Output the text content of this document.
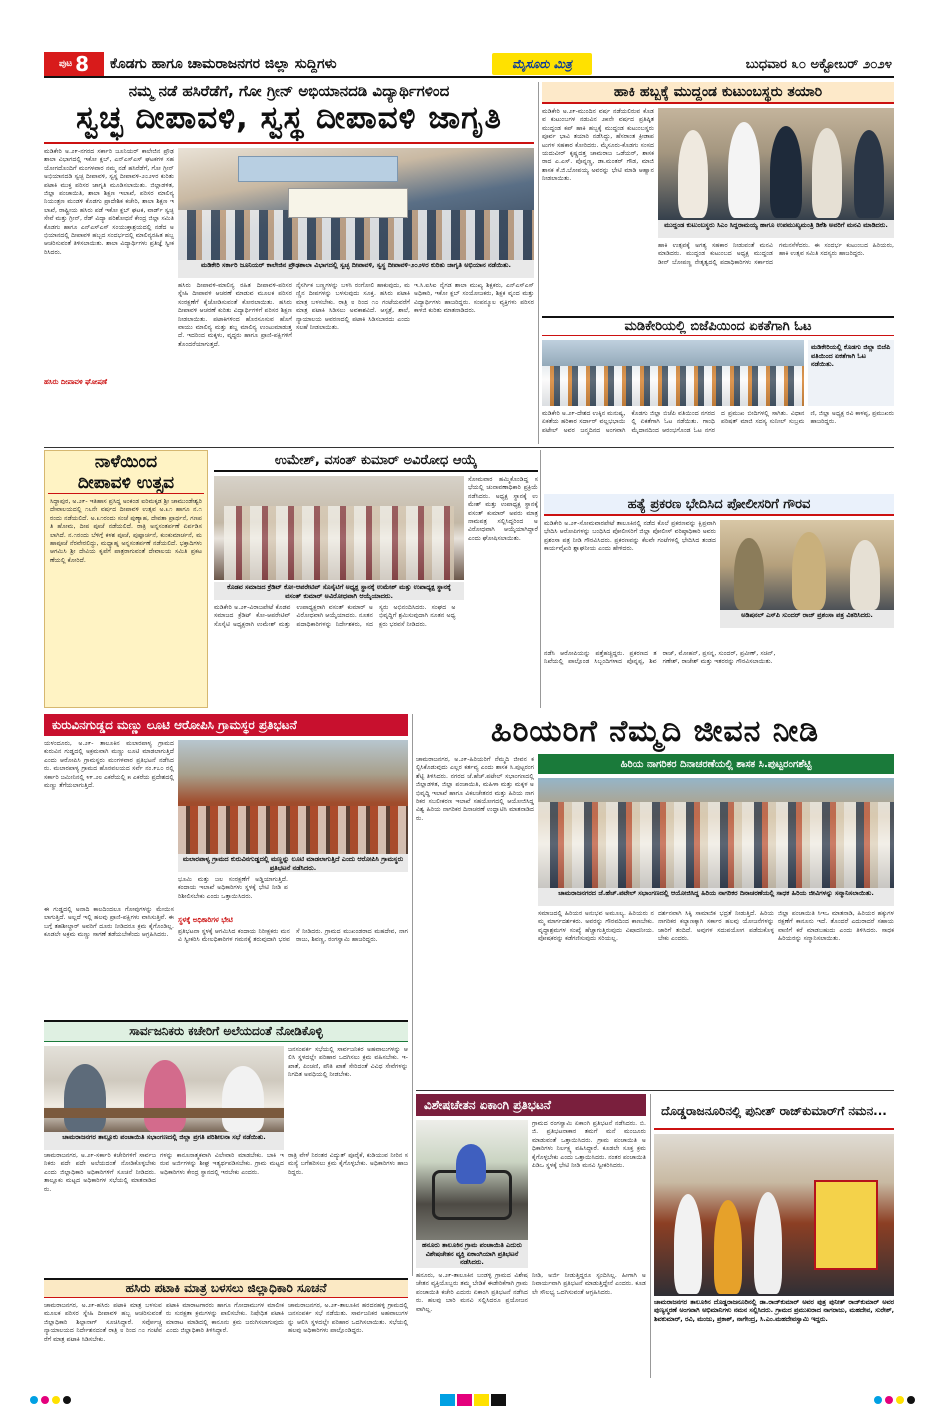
ಪುಟ 8 ಕೊಡಗು ಹಾಗೂ ಚಾಮರಾಜನಗರ ಜಿಲ್ಲಾ ಸುದ್ದಿಗಳು	ಮೈಸೂರು ಮಿತ್ರ	ಬುಧವಾರ ೩೦ ಅಕ್ಟೋಬರ್ ೨೦೨೪
ನಮ್ಮ ನಡೆ ಹಸಿರೆಡೆಗೆ, ಗೋ ಗ್ರೀನ್ ಅಭಿಯಾನದಡಿ ವಿದ್ಯಾರ್ಥಿಗಳಿಂದ
ಸ್ವಚ್ಛ ದೀಪಾವಳಿ, ಸ್ವಸ್ಥ ದೀಪಾವಳಿ ಜಾಗೃತಿ
ಮಡಿಕೇರಿ ಅ.೨೯-ನಗರದ ಸರ್ಕಾರಿ ಜೂನಿಯರ್ ಕಾಲೇಜಿನ ಪ್ರೌಢಶಾಲಾ ವಿಭಾಗದಲ್ಲಿ ಇಕೋ ಕ್ಲಬ್, ಎನ್‌ಎಸ್‌ಎಸ್ ಘಟಕಗಳ ಸಹಯೋಗದೊಂದಿಗೆ ಮಂಗಳವಾರ ನಮ್ಮ ನಡೆ ಹಸಿರೆಡೆಗೆ, ಗೋ ಗ್ರೀನ್ ಅಭಿಯಾನದಡಿ ಸ್ವಚ್ಛ ದೀಪಾವಳಿ, ಸ್ವಸ್ಥ ದೀಪಾವಳಿ-೨೦೨೪ರ ಕುರಿತು ಪಟಾಕಿ ಮುಕ್ತ ಪರಿಸರ ಜಾಗೃತಿ ಮೂಡಿಸಲಾಯಿತು. ಜಿಲ್ಲಾಡಳಿತ, ಜಿಲ್ಲಾ ಪಂಚಾಯಿತಿ, ಶಾಲಾ ಶಿಕ್ಷಣ ಇಲಾಖೆ, ಪರಿಸರ ಮಾಲಿನ್ಯ ನಿಯಂತ್ರಣ ಮಂಡಳಿ ಕೊಡಗು ಪ್ರಾದೇಶಿಕ ಕಚೇರಿ, ಶಾಲಾ ಶಿಕ್ಷಣ ಇಲಾಖೆ, ರಾಷ್ಟ್ರೀಯ ಹಸಿರು ಪಡೆ ಇಕೋ ಕ್ಲಬ್ ಘಟಕ, ವಾರ್ಡ್ ಸ್ವಚ್ಛ ಸೇವೆ ಮತ್ತು ಗ್ರೀನ್, ರೆಡ್ ವಿದ್ಯಾ ಪರಿಶೋಧನೆ ಕೇಂದ್ರ ಜಿಲ್ಲಾ ಸಮಿತಿ ಕೊಡಗು ಹಾಗೂ ಎನ್‌ಎಸ್‌ಎಸ್ ಸಂಯುಕ್ತಾಶ್ರಯದಲ್ಲಿ ನಡೆದ ಅಭಿಯಾನದಲ್ಲಿ ದೀಪಾವಳಿ ಹಬ್ಬದ ಸಂದರ್ಭದಲ್ಲಿ ಮಾಲಿನ್ಯರಹಿತ ಹಬ್ಬ ಆಚರಿಸುವಂತೆ ತಿಳಿಸಲಾಯಿತು. ಶಾಲಾ ವಿದ್ಯಾರ್ಥಿಗಳು ಪ್ರತಿಜ್ಞೆ ಸ್ವೀಕರಿಸಿದರು.
ಹಸಿರು ದೀಪಾವಳಿ ಘೋಷಣೆ
ಮಡಿಕೇರಿ ಸರ್ಕಾರಿ ಜೂನಿಯರ್ ಕಾಲೇಜಿನ ಪ್ರೌಢಶಾಲಾ ವಿಭಾಗದಲ್ಲಿ ಸ್ವಚ್ಛ ದೀಪಾವಳಿ, ಸ್ವಸ್ಥ ದೀಪಾವಳಿ-೨೦೨೪ರ ಕುರಿತು ಜಾಗೃತಿ ಅಭಿಯಾನ ನಡೆಯಿತು.
ಹಸಿರು ದೀಪಾವಳಿ-ಮಾಲಿನ್ಯ ರಹಿತ ದೀಪಾವಳಿ-ಪರಿಸರ ಸ್ನೇಹಿ ದೀಪಾವಳಿ ಆಚರಣೆ ಮಾಡುವ ಮೂಲಕ ಪರಿಸರ ಸಂರಕ್ಷಣೆಗೆ ಕೈಜೋಡಿಸುವಂತೆ ಕೋರಲಾಯಿತು. ಹಸಿರು ದೀಪಾವಳಿ ಆಚರಣೆ ಕುರಿತು ವಿದ್ಯಾರ್ಥಿಗಳಿಗೆ ಪರಿಸರ ಶಿಕ್ಷಣ ನೀಡಲಾಯಿತು. ಪಟಾಕಿಗಳಿಂದ ಹೊರಸೂಸುವ ಹೊಗೆ ವಾಯು ಮಾಲಿನ್ಯ ಮತ್ತು ಶಬ್ದ ಮಾಲಿನ್ಯ ಉಂಟುಮಾಡುತ್ತದೆ. ಇದರಿಂದ ಮಕ್ಕಳು, ವೃದ್ಧರು ಹಾಗೂ ಪ್ರಾಣಿ-ಪಕ್ಷಿಗಳಿಗೆ ತೊಂದರೆಯಾಗುತ್ತದೆ.
ನೈಸರ್ಗಿಕ ಬಣ್ಣಗಳನ್ನು ಬಳಸಿ ರಂಗೋಲಿ ಹಾಕುವುದು, ಮಣ್ಣಿನ ದೀಪಗಳನ್ನು ಬಳಸುವುದು ಸೂಕ್ತ. ಹಸಿರು ಪಟಾಕಿ ಮಾತ್ರ ಬಳಸಬೇಕು. ರಾತ್ರಿ ೮ ರಿಂದ ೧೦ ಗಂಟೆಯವರೆಗೆ ಮಾತ್ರ ಪಟಾಕಿ ಸಿಡಿಸಲು ಅವಕಾಶವಿದೆ. ಆಸ್ಪತ್ರೆ, ಶಾಲೆ, ನ್ಯಾಯಾಲಯ ಆವರಣದಲ್ಲಿ ಪಟಾಕಿ ಸಿಡಿಸಬಾರದು ಎಂದು ಸಲಹೆ ನೀಡಲಾಯಿತು.
ಇ.ಸಿ.ಐಸಿಐ ನೈಗಡ ಶಾಲಾ ಮುಖ್ಯ ಶಿಕ್ಷಕರು, ಎನ್‌ಎಸ್‌ಎಸ್ ಅಧಿಕಾರಿ, ಇಕೋ ಕ್ಲಬ್ ಸಂಯೋಜಕರು, ಶಿಕ್ಷಕ ವೃಂದ ಮತ್ತು ವಿದ್ಯಾರ್ಥಿಗಳು ಹಾಜರಿದ್ದರು. ಸಂಪನ್ಮೂಲ ವ್ಯಕ್ತಿಗಳು ಪರಿಸರ ಕಾಳಜಿ ಕುರಿತು ಮಾತನಾಡಿದರು.
ಹಾಕಿ ಹಬ್ಬಕ್ಕೆ ಮುದ್ದಂಡ ಕುಟುಂಬಸ್ಥರು ತಯಾರಿ
ಮಡಿಕೇರಿ ಅ.೨೯-ಮುಂದಿನ ವರ್ಷ ನಡೆಯಲಿರುವ ಕೊಡವ ಕುಟುಂಬಗಳ ನಡುವಿನ ೨೫ನೇ ವರ್ಷದ ಪ್ರತಿಷ್ಠಿತ ಮುದ್ದಂಡ ಕಪ್ ಹಾಕಿ ಹಬ್ಬಕ್ಕೆ ಮುದ್ದಂಡ ಕುಟುಂಬಸ್ಥರು ಪೂರ್ವ ಭಾವಿ ತಯಾರಿ ನಡೆಸಿದ್ದು, ಹೆಸರಾಂತ ಕ್ರೀಡಾಪಟುಗಳ ಸಹಕಾರ ಕೋರಿದರು. ಮೈಸೂರು-ಕೊಡಗು ಸಂಸದ ಯದುವೀರ್ ಕೃಷ್ಣದತ್ತ ಚಾಮರಾಜ ಒಡೆಯರ್, ಶಾಸಕರಾದ ಎ.ಎಸ್. ಪೊನ್ನಣ್ಣ, ಡಾ.ಮಂತರ್ ಗೌಡ, ಮಾಜಿ ಶಾಸಕ ಕೆ.ಜಿ.ಬೋಪಯ್ಯ ಅವರನ್ನು ಭೇಟಿ ಮಾಡಿ ಆಹ್ವಾನ ನೀಡಲಾಯಿತು.
ಮುದ್ದಂಡ ಕುಟುಂಬಸ್ಥರು ಸಿಎಂ ಸಿದ್ದರಾಮಯ್ಯ ಹಾಗೂ ಉಪಮುಖ್ಯಮಂತ್ರಿ ಡಿಕೆಶಿ ಅವರಿಗೆ ಮನವಿ ಮಾಡಿದರು.
ಹಾಕಿ ಉತ್ಸವಕ್ಕೆ ಅಗತ್ಯ ಸಹಕಾರ ನೀಡುವಂತೆ ಮನವಿ ಮಾಡಿದರು. ಮುದ್ದಂಡ ಕುಟುಂಬದ ಅಧ್ಯಕ್ಷ ಮುದ್ದಂಡ ಡೀನ್ ಬೋಪಣ್ಣ ನೇತೃತ್ವದಲ್ಲಿ ಪದಾಧಿಕಾರಿಗಳು ಸರ್ಕಾರದ ಗಮನಸೆಳೆದರು. ಈ ಸಂದರ್ಭ ಕುಟುಂಬದ ಹಿರಿಯರು, ಹಾಕಿ ಉತ್ಸವ ಸಮಿತಿ ಸದಸ್ಯರು ಹಾಜರಿದ್ದರು.
ಮಡಿಕೇರಿಯಲ್ಲಿ ಬಿಜೆಪಿಯಿಂದ ಏಕತೆಗಾಗಿ ಓಟ
ಮಡಿಕೇರಿಯಲ್ಲಿ ಕೊಡಗು ಜಿಲ್ಲಾ ಬಿಜೆಪಿ ವತಿಯಿಂದ ಏಕತೆಗಾಗಿ ಓಟ ನಡೆಯಿತು.
ಮಡಿಕೇರಿ ಅ.೨೯-ದೇಶದ ಉಕ್ಕಿನ ಮನುಷ್ಯ, ಏಕತೆಯ ಹರಿಕಾರ ಸರ್ದಾರ್ ವಲ್ಲಭಭಾಯಿ ಪಟೇಲ್ ಅವರ ಜನ್ಮದಿನದ ಅಂಗವಾಗಿ ಕೊಡಗು ಜಿಲ್ಲಾ ಬಿಜೆಪಿ ವತಿಯಿಂದ ನಗರದಲ್ಲಿ ಏಕತೆಗಾಗಿ ಓಟ ನಡೆಯಿತು. ಗಾಂಧಿ ಮೈದಾನದಿಂದ ಆರಂಭಗೊಂಡ ಓಟ ನಗರದ ಪ್ರಮುಖ ಬೀದಿಗಳಲ್ಲಿ ಸಾಗಿತು. ವಿಧಾನ ಪರಿಷತ್ ಮಾಜಿ ಸದಸ್ಯ ಸುನೀಲ್ ಸುಬ್ರಮಣಿ, ಜಿಲ್ಲಾ ಅಧ್ಯಕ್ಷ ರವಿ ಕಾಳಪ್ಪ, ಪ್ರಮುಖರು ಹಾಜರಿದ್ದರು.
ನಾಳೆಯಿಂದ
ದೀಪಾವಳಿ ಉತ್ಸವ
ಸಿದ್ದಾಪುರ, ಅ.೨೯- ಇತಿಹಾಸ ಪ್ರಸಿದ್ಧ ಅಂಕಂಡ ಐರಿಮಕ್ಕಡ ಶ್ರೀ ಚಾಮುಂಡೇಶ್ವರಿ ದೇವಾಲಯದಲ್ಲಿ ೧೬ನೇ ವರ್ಷದ ದೀಪಾವಳಿ ಉತ್ಸವ ಅ.೩೧ ಹಾಗೂ ನ.೧ರಂದು ನಡೆಯಲಿದೆ. ಅ.೩೧ರಂದು ಸಂಜೆ ಪುಣ್ಯಾಹ, ದೇವತಾ ಪ್ರಾರ್ಥನೆ, ಗಣಪತಿ ಹೋಮ, ದೀಪ ಪೂಜೆ ನಡೆಯಲಿದೆ. ರಾತ್ರಿ ಅನ್ನಸಂತರ್ಪಣೆ ಏರ್ಪಡಿಸಲಾಗಿದೆ. ನ.೧ರಂದು ಬೆಳಿಗ್ಗೆ ಕಳಶ ಪೂಜೆ, ಪುಷ್ಪಾರ್ಚನೆ, ಕುಂಕುಮಾರ್ಚನೆ, ಮಹಾಪೂಜೆ ನೆರವೇರಲಿದ್ದು, ಮಧ್ಯಾಹ್ನ ಅನ್ನಸಂತರ್ಪಣೆ ನಡೆಯಲಿದೆ. ಭಕ್ತಾದಿಗಳು ಆಗಮಿಸಿ ಶ್ರೀ ದೇವಿಯ ಕೃಪೆಗೆ ಪಾತ್ರರಾಗುವಂತೆ ದೇವಾಲಯ ಸಮಿತಿ ಪ್ರಕಟಣೆಯಲ್ಲಿ ಕೋರಿದೆ.
ಉಮೇಶ್, ವಸಂತ್ ಕುಮಾರ್ ಅವಿರೋಧ ಆಯ್ಕೆ
ಸೋಮವಾರ ಹಮ್ಮಿಕೊಂಡಿದ್ದ ಸಭೆಯಲ್ಲಿ ಚುನಾವಣಾಧಿಕಾರಿ ಪ್ರಕ್ರಿಯೆ ನಡೆಸಿದರು. ಅಧ್ಯಕ್ಷ ಸ್ಥಾನಕ್ಕೆ ಉಮೇಶ್ ಮತ್ತು ಉಪಾಧ್ಯಕ್ಷ ಸ್ಥಾನಕ್ಕೆ ವಸಂತ್ ಕುಮಾರ್ ಅವರು ಮಾತ್ರ ನಾಮಪತ್ರ ಸಲ್ಲಿಸಿದ್ದರಿಂದ ಅವಿರೋಧವಾಗಿ ಆಯ್ಕೆಯಾಗಿದ್ದಾರೆ ಎಂದು ಘೋಷಿಸಲಾಯಿತು.
ಕೊಡವ ಸಮಾಜದ ಕ್ರೆಡಿಟ್ ಕೋ-ಆಪರೇಟಿವ್ ಸೊಸೈಟಿಗೆ ಅಧ್ಯಕ್ಷ ಸ್ಥಾನಕ್ಕೆ ಉಮೇಶ್ ಮತ್ತು ಉಪಾಧ್ಯಕ್ಷ ಸ್ಥಾನಕ್ಕೆ ವಸಂತ್ ಕುಮಾರ್ ಅವಿರೋಧವಾಗಿ ಆಯ್ಕೆಯಾದರು.
ಮಡಿಕೇರಿ ಅ.೨೯-ವಿರಾಜಪೇಟೆ ಕೊಡವ ಸಮಾಜದ ಕ್ರೆಡಿಟ್ ಕೋ-ಆಪರೇಟಿವ್ ಸೊಸೈಟಿ ಅಧ್ಯಕ್ಷರಾಗಿ ಉಮೇಶ್ ಮತ್ತು ಉಪಾಧ್ಯಕ್ಷರಾಗಿ ವಸಂತ್ ಕುಮಾರ್ ಅವಿರೋಧವಾಗಿ ಆಯ್ಕೆಯಾದರು. ನೂತನ ಪದಾಧಿಕಾರಿಗಳನ್ನು ನಿರ್ದೇಶಕರು, ಸದಸ್ಯರು ಅಭಿನಂದಿಸಿದರು. ಸಂಘದ ಅಭಿವೃದ್ಧಿಗೆ ಶ್ರಮಿಸುವುದಾಗಿ ನೂತನ ಅಧ್ಯಕ್ಷರು ಭರವಸೆ ನೀಡಿದರು.
ಹತ್ಯೆ ಪ್ರಕರಣ ಭೇದಿಸಿದ ಪೋಲೀಸರಿಗೆ ಗೌರವ
ಮಡಿಕೇರಿ ಅ.೨೯-ಸೋಮವಾರಪೇಟೆ ತಾಲೂಕಿನಲ್ಲಿ ನಡೆದ ಕೊಲೆ ಪ್ರಕರಣವನ್ನು ಕ್ಷಿಪ್ರವಾಗಿ ಭೇದಿಸಿ ಆರೋಪಿಗಳನ್ನು ಬಂಧಿಸಿದ ಪೋಲೀಸರಿಗೆ ಜಿಲ್ಲಾ ಪೋಲೀಸ್ ವರಿಷ್ಠಾಧಿಕಾರಿ ಅವರು ಪ್ರಶಂಸಾ ಪತ್ರ ನೀಡಿ ಗೌರವಿಸಿದರು. ಪ್ರಕರಣವನ್ನು ಕೆಲವೇ ಗಂಟೆಗಳಲ್ಲಿ ಭೇದಿಸಿದ ತಂಡದ ಕಾರ್ಯವೈಖರಿ ಶ್ಲಾಘನೀಯ ಎಂದು ಹೇಳಿದರು.
ಅಡಿಷನಲ್ ಎಸ್‌ಪಿ ಸುಂದರ್ ರಾಜ್ ಪ್ರಶಂಸಾ ಪತ್ರ ವಿತರಿಸಿದರು.
ನಡೆಸಿ ಆರೋಪಿಯನ್ನು ಪತ್ತೆಹಚ್ಚಿದ್ದರು. ಪ್ರಕರಣದ ತನಿಖೆಯಲ್ಲಿ ಪಾಲ್ಗೊಂಡ ಸಿಬ್ಬಂದಿಗಳಾದ ಪೊನ್ನಪ್ಪ, ಶಿವರಾಜ್, ಮೋಹನ್, ಪ್ರಸನ್ನ, ಸುಂದರ್, ಪ್ರವೀಣ್, ಸಚಿನ್, ಗಣೇಶ್, ರಾಜೇಶ್ ಮತ್ತು ಇತರರನ್ನು ಗೌರವಿಸಲಾಯಿತು.
ಕುರುವಿನಗುಡ್ಡದ ಮಣ್ಣು ಲೂಟಿ ಆರೋಪಿಸಿ ಗ್ರಾಮಸ್ಥರ ಪ್ರತಿಭಟನೆ
ಯಳಂದೂರು, ಅ.೨೯- ತಾಲೂಕಿನ ಮಲಾರಪಾಳ್ಯ ಗ್ರಾಮದ ಕುರುವಿನ ಗುಡ್ಡದಲ್ಲಿ ಅಕ್ರಮವಾಗಿ ಮಣ್ಣು ಲೂಟಿ ಮಾಡಲಾಗುತ್ತಿದೆ ಎಂದು ಆರೋಪಿಸಿ ಗ್ರಾಮಸ್ಥರು ಮಂಗಳವಾರ ಪ್ರತಿಭಟನೆ ನಡೆಸಿದರು. ಮಲಾರಪಾಳ್ಯ ಗ್ರಾಮದ ಹೊರವಲಯದ ಸರ್ವೆ ನಂ.೯೭೦ ರಲ್ಲಿ ಸರ್ಕಾರಿ ಜಮೀನಿನಲ್ಲಿ ೪೯.೨೮ ಎಕರೆಯಲ್ಲಿ ೫ ಎಕರೆಯ ಪ್ರದೇಶದಲ್ಲಿ ಮಣ್ಣು ತೆಗೆಯಲಾಗುತ್ತಿದೆ.
ಮಲಾರಪಾಳ್ಯ ಗ್ರಾಮದ ಕುರುವಿನಗುಡ್ಡದಲ್ಲಿ ಮಣ್ಣನ್ನು ಲೂಟಿ ಮಾಡಲಾಗುತ್ತಿದೆ ಎಂದು ಆರೋಪಿಸಿ ಗ್ರಾಮಸ್ಥರು ಪ್ರತಿಭಟನೆ ನಡೆಸಿದರು.
ಈ ಗುಡ್ಡದಲ್ಲಿ ಅನಾದಿ ಕಾಲದಿಂದಲೂ ಗೋವುಗಳನ್ನು ಮೇಯಿಸಲಾಗುತ್ತಿದೆ. ಅಲ್ಲದೆ ಇಲ್ಲಿ ಹಲವು ಪ್ರಾಣಿ-ಪಕ್ಷಿಗಳು ವಾಸಿಸುತ್ತಿವೆ. ಈ ಬಗ್ಗೆ ತಹಶೀಲ್ದಾರ್ ಅವರಿಗೆ ದೂರು ನೀಡಿದರೂ ಕ್ರಮ ಕೈಗೊಂಡಿಲ್ಲ. ಕೂಡಲೇ ಅಕ್ರಮ ಮಣ್ಣು ಸಾಗಣೆ ತಡೆಯಬೇಕೆಂದು ಆಗ್ರಹಿಸಿದರು.
ಭೂಮಿ ಮತ್ತು ಜಲ ಸಂರಕ್ಷಣೆಗೆ ಅಡ್ಡಿಯಾಗುತ್ತಿದೆ. ಕಂದಾಯ ಇಲಾಖೆ ಅಧಿಕಾರಿಗಳು ಸ್ಥಳಕ್ಕೆ ಭೇಟಿ ನೀಡಿ ಪರಿಶೀಲಿಸಬೇಕು ಎಂದು ಒತ್ತಾಯಿಸಿದರು.
ಸ್ಥಳಕ್ಕೆ ಅಧಿಕಾರಿಗಳ ಭೇಟಿ
ಪ್ರತಿಭಟನಾ ಸ್ಥಳಕ್ಕೆ ಆಗಮಿಸಿದ ಕಂದಾಯ ನಿರೀಕ್ಷಕರು ಮನವಿ ಸ್ವೀಕರಿಸಿ ಮೇಲಧಿಕಾರಿಗಳ ಗಮನಕ್ಕೆ ತರುವುದಾಗಿ ಭರವಸೆ ನೀಡಿದರು. ಗ್ರಾಮದ ಮುಖಂಡರಾದ ಮಹದೇವ, ನಾಗರಾಜು, ಶಿವಣ್ಣ, ರಂಗಸ್ವಾಮಿ ಹಾಜರಿದ್ದರು.
ಸಾರ್ವಜನಿಕರು ಕಚೇರಿಗೆ ಅಲೆಯದಂತೆ ನೋಡಿಕೊಳ್ಳಿ
ಚಾಮರಾಜನಗರ ತಾಲ್ಲೂಕು ಪಂಚಾಯಿತಿ ಸಭಾಂಗಣದಲ್ಲಿ ಜಿಲ್ಲಾ ಪ್ರಗತಿ ಪರಿಶೀಲನಾ ಸಭೆ ನಡೆಯಿತು.
ಜನಸಂಪರ್ಕ ಸಭೆಯಲ್ಲಿ ಸಾರ್ವಜನಿಕರ ಅಹವಾಲುಗಳನ್ನು ಆಲಿಸಿ ಸ್ಥಳದಲ್ಲೇ ಪರಿಹಾರ ಒದಗಿಸಲು ಕ್ರಮ ವಹಿಸಬೇಕು. ಇ-ಖಾತೆ, ಪಿಂಚಣಿ, ಪೌತಿ ಖಾತೆ ಸೇರಿದಂತೆ ವಿವಿಧ ಸೇವೆಗಳನ್ನು ನಿಗದಿತ ಅವಧಿಯಲ್ಲಿ ನೀಡಬೇಕು.
ಚಾಮರಾಜನಗರ, ಅ.೨೯-ಸರ್ಕಾರಿ ಕಚೇರಿಗಳಿಗೆ ಸಾರ್ವಜನಿಕರು ಪದೇ ಪದೇ ಅಲೆಯದಂತೆ ನೋಡಿಕೊಳ್ಳಬೇಕು ಎಂದು ಜಿಲ್ಲಾಧಿಕಾರಿ ಅಧಿಕಾರಿಗಳಿಗೆ ಸೂಚನೆ ನೀಡಿದರು. ತಾಲ್ಲೂಕು ಮಟ್ಟದ ಅಧಿಕಾರಿಗಳ ಸಭೆಯಲ್ಲಿ ಮಾತನಾಡಿದರು.
ಗಳನ್ನು ಕಾನೂನಾತ್ಮಕವಾಗಿ ವಿಲೇವಾರಿ ಮಾಡಬೇಕು. ಬಾಕಿ ಇರುವ ಅರ್ಜಿಗಳನ್ನು ಶೀಘ್ರ ಇತ್ಯರ್ಥಪಡಿಸಬೇಕು. ಗ್ರಾಮ ಮಟ್ಟದ ಅಧಿಕಾರಿಗಳು ಕೇಂದ್ರ ಸ್ಥಾನದಲ್ಲಿ ಇರಬೇಕು ಎಂದರು.
ರಾತ್ರಿ ವೇಳೆ ನಿರಂತರ ವಿದ್ಯುತ್ ಪೂರೈಕೆ, ಕುಡಿಯುವ ನೀರಿನ ಸಮಸ್ಯೆ ಬಗೆಹರಿಸಲು ಕ್ರಮ ಕೈಗೊಳ್ಳಬೇಕು. ಅಧಿಕಾರಿಗಳು ಹಾಜರಿದ್ದರು.
ಹಿರಿಯರಿಗೆ ನೆಮ್ಮದಿ ಜೀವನ ನೀಡಿ
ಹಿರಿಯ ನಾಗರಿಕರ ದಿನಾಚರಣೆಯಲ್ಲಿ ಶಾಸಕ ಸಿ.ಪುಟ್ಟರಂಗಶೆಟ್ಟಿ
ಚಾಮರಾಜನಗರ, ಅ.೨೯-ಹಿರಿಯರಿಗೆ ನೆಮ್ಮದಿ ಜೀವನ ಕಲ್ಪಿಸಿಕೊಡುವುದು ಎಲ್ಲರ ಕರ್ತವ್ಯ ಎಂದು ಶಾಸಕ ಸಿ.ಪುಟ್ಟರಂಗಶೆಟ್ಟಿ ತಿಳಿಸಿದರು. ನಗರದ ಜೆ.ಹೆಚ್.ಪಟೇಲ್ ಸಭಾಂಗಣದಲ್ಲಿ ಜಿಲ್ಲಾಡಳಿತ, ಜಿಲ್ಲಾ ಪಂಚಾಯಿತಿ, ಮಹಿಳಾ ಮತ್ತು ಮಕ್ಕಳ ಅಭಿವೃದ್ಧಿ ಇಲಾಖೆ ಹಾಗೂ ವಿಕಲಚೇತನರ ಮತ್ತು ಹಿರಿಯ ನಾಗರಿಕರ ಸಬಲೀಕರಣ ಇಲಾಖೆ ಸಹಯೋಗದಲ್ಲಿ ಆಯೋಜಿಸಿದ್ದ ವಿಶ್ವ ಹಿರಿಯ ನಾಗರಿಕರ ದಿನಾಚರಣೆ ಉದ್ಘಾಟಿಸಿ ಮಾತನಾಡಿದರು.
ಚಾಮರಾಜನಗರದ ಜೆ.ಹೆಚ್.ಪಟೇಲ್ ಸಭಾಂಗಣದಲ್ಲಿ ಆಯೋಜಿಸಿದ್ದ ಹಿರಿಯ ನಾಗರಿಕರ ದಿನಾಚರಣೆಯಲ್ಲಿ ಸಾಧಕ ಹಿರಿಯ ಜೀವಿಗಳನ್ನು ಸನ್ಮಾನಿಸಲಾಯಿತು.
ಸಮಾಜದಲ್ಲಿ ಹಿರಿಯರ ಅನುಭವ ಅಮೂಲ್ಯ. ಹಿರಿಯರು ನಮ್ಮ ಮಾರ್ಗದರ್ಶಕರು. ಅವರನ್ನು ಗೌರವದಿಂದ ಕಾಣಬೇಕು. ವೃದ್ಧಾಶ್ರಮಗಳ ಸಂಖ್ಯೆ ಹೆಚ್ಚಾಗುತ್ತಿರುವುದು ವಿಷಾದನೀಯ. ಪೋಷಕರನ್ನು ಕಡೆಗಣಿಸುವುದು ಸರಿಯಲ್ಲ.
ದರ್ಶನವಾಗಿ ಸಿಕ್ಕಿ ಸಾಮಾಜಿಕ ಭದ್ರತೆ ನೀಡುತ್ತಿದೆ. ಹಿರಿಯ ನಾಗರಿಕರ ಕಲ್ಯಾಣಕ್ಕಾಗಿ ಸರ್ಕಾರ ಹಲವು ಯೋಜನೆಗಳನ್ನು ಜಾರಿಗೆ ತಂದಿದೆ. ಅವುಗಳ ಸದುಪಯೋಗ ಪಡೆದುಕೊಳ್ಳಬೇಕು ಎಂದರು.
ಜಿಲ್ಲಾ ಪಂಚಾಯಿತಿ ಸಿಇಒ ಮಾತನಾಡಿ, ಹಿರಿಯರ ಹಕ್ಕುಗಳ ರಕ್ಷಣೆಗೆ ಕಾನೂನು ಇದೆ. ತೊಂದರೆ ಎದುರಾದರೆ ಸಹಾಯವಾಣಿಗೆ ಕರೆ ಮಾಡಬಹುದು ಎಂದು ತಿಳಿಸಿದರು. ಸಾಧಕ ಹಿರಿಯರನ್ನು ಸನ್ಮಾನಿಸಲಾಯಿತು.
ವಿಶೇಷಚೇತನ ಏಕಾಂಗಿ ಪ್ರತಿಭಟನೆ
ಗ್ರಾಮದ ರಂಗಸ್ವಾಮಿ ಏಕಾಂಗಿ ಪ್ರತಿಭಟನೆ ನಡೆಸಿದರು. ಬಿ.ಜಿ. ಪ್ರತಿಭಟನಾಕಾರ ತಮಗೆ ಮನೆ ಮಂಜೂರು ಮಾಡುವಂತೆ ಒತ್ತಾಯಿಸಿದರು. ಗ್ರಾಮ ಪಂಚಾಯಿತಿ ಅಧಿಕಾರಿಗಳು ನಿರ್ಲಕ್ಷ್ಯ ವಹಿಸಿದ್ದಾರೆ. ಕೂಡಲೇ ಸೂಕ್ತ ಕ್ರಮ ಕೈಗೊಳ್ಳಬೇಕು ಎಂದು ಒತ್ತಾಯಿಸಿದರು. ನಂತರ ಪಂಚಾಯಿತಿ ಪಿಡಿಒ ಸ್ಥಳಕ್ಕೆ ಭೇಟಿ ನೀಡಿ ಮನವಿ ಸ್ವೀಕರಿಸಿದರು.
ಹನೂರು ತಾಲೂಕಿನ ಗ್ರಾಮ ಪಂಚಾಯಿತಿ ಎದುರು ವಿಶೇಷಚೇತನ ವ್ಯಕ್ತಿ ಏಕಾಂಗಿಯಾಗಿ ಪ್ರತಿಭಟನೆ ನಡೆಸಿದರು.
ಹನೂರು, ಅ.೨೯-ತಾಲೂಕಿನ ಬಂಡಳ್ಳಿ ಗ್ರಾಮದ ವಿಶೇಷಚೇತನ ವ್ಯಕ್ತಿಯೊಬ್ಬರು ತಮ್ಮ ಬೇಡಿಕೆ ಈಡೇರಿಕೆಗಾಗಿ ಗ್ರಾಮ ಪಂಚಾಯಿತಿ ಕಚೇರಿ ಎದುರು ಏಕಾಂಗಿ ಪ್ರತಿಭಟನೆ ನಡೆಸಿದರು. ಹಲವು ಬಾರಿ ಮನವಿ ಸಲ್ಲಿಸಿದರೂ ಪ್ರಯೋಜನವಾಗಿಲ್ಲ.
ನೀಡಿ, ಅರ್ಜಿ ನೀಡುತ್ತಿದ್ದರೂ ಸ್ಪಂದಿಸಿಲ್ಲ. ಹೀಗಾಗಿ ಅನಿವಾರ್ಯವಾಗಿ ಪ್ರತಿಭಟನೆ ಮಾಡುತ್ತಿದ್ದೇನೆ ಎಂದರು. ಕೂಡಲೇ ಸೌಲಭ್ಯ ಒದಗಿಸುವಂತೆ ಆಗ್ರಹಿಸಿದರು.
ದೊಡ್ಡರಾಜನೂರಿನಲ್ಲಿ ಪುನೀತ್ ರಾಜ್‌ಕುಮಾರ್‌ಗೆ ನಮನ...
ಚಾಮರಾಜನಗರ ತಾಲೂಕಿನ ದೊಡ್ಡರಾಜನೂರಿನಲ್ಲಿ ಡಾ.ರಾಜ್‌ಕುಮಾರ್ ಅವರ ಪುತ್ರ ಪುನೀತ್ ರಾಜ್‌ಕುಮಾರ್ ಅವರ ಪುಣ್ಯಸ್ಮರಣೆ ಅಂಗವಾಗಿ ಅಭಿಮಾನಿಗಳು ನಮನ ಸಲ್ಲಿಸಿದರು. ಗ್ರಾಮದ ಪ್ರಮುಖರಾದ ನಾಗರಾಜು, ಮಹದೇವ, ಸುರೇಶ್, ಶಿವಕುಮಾರ್, ರವಿ, ಮಂಜು, ಪ್ರಕಾಶ್, ನಾಗೇಂದ್ರ, ಸಿ.ಎಂ.ಮಹದೇವಸ್ವಾಮಿ ಇದ್ದರು.
ಹಸಿರು ಪಟಾಕಿ ಮಾತ್ರ ಬಳಸಲು ಜಿಲ್ಲಾಧಿಕಾರಿ ಸೂಚನೆ
ಚಾಮರಾಜನಗರ, ಅ.೨೯-ಹಸಿರು ಪಟಾಕಿ ಮಾತ್ರ ಬಳಸುವ ಮೂಲಕ ಪರಿಸರ ಸ್ನೇಹಿ ದೀಪಾವಳಿ ಹಬ್ಬ ಆಚರಿಸುವಂತೆ ಜಿಲ್ಲಾಧಿಕಾರಿ ಶಿಲ್ಪಾನಾಗ್ ಸೂಚಿಸಿದ್ದಾರೆ. ಸರ್ವೋಚ್ಚ ನ್ಯಾಯಾಲಯದ ನಿರ್ದೇಶನದಂತೆ ರಾತ್ರಿ ೮ ರಿಂದ ೧೦ ಗಂಟೆವರೆಗೆ ಮಾತ್ರ ಪಟಾಕಿ ಸಿಡಿಸಬೇಕು.
ಪಟಾಕಿ ಮಾರಾಟಗಾರರು ಹಾಗೂ ಗೋದಾಮುಗಳ ಮಾಲೀಕರು ಸುರಕ್ಷತಾ ಕ್ರಮಗಳನ್ನು ಪಾಲಿಸಬೇಕು. ನಿಷೇಧಿತ ಪಟಾಕಿ ಮಾರಾಟ ಮಾಡಿದಲ್ಲಿ ಕಾನೂನು ಕ್ರಮ ಜರುಗಿಸಲಾಗುವುದು ಎಂದು ಜಿಲ್ಲಾಧಿಕಾರಿ ತಿಳಿಸಿದ್ದಾರೆ.
ಚಾಮರಾಜನಗರ, ಅ.೨೯-ತಾಲೂಕಿನ ಹರದನಹಳ್ಳಿ ಗ್ರಾಮದಲ್ಲಿ ಜನಸಂಪರ್ಕ ಸಭೆ ನಡೆಯಿತು. ಸಾರ್ವಜನಿಕರ ಅಹವಾಲುಗಳನ್ನು ಆಲಿಸಿ ಸ್ಥಳದಲ್ಲೇ ಪರಿಹಾರ ಒದಗಿಸಲಾಯಿತು. ಸಭೆಯಲ್ಲಿ ಹಲವು ಅಧಿಕಾರಿಗಳು ಪಾಲ್ಗೊಂಡಿದ್ದರು.
